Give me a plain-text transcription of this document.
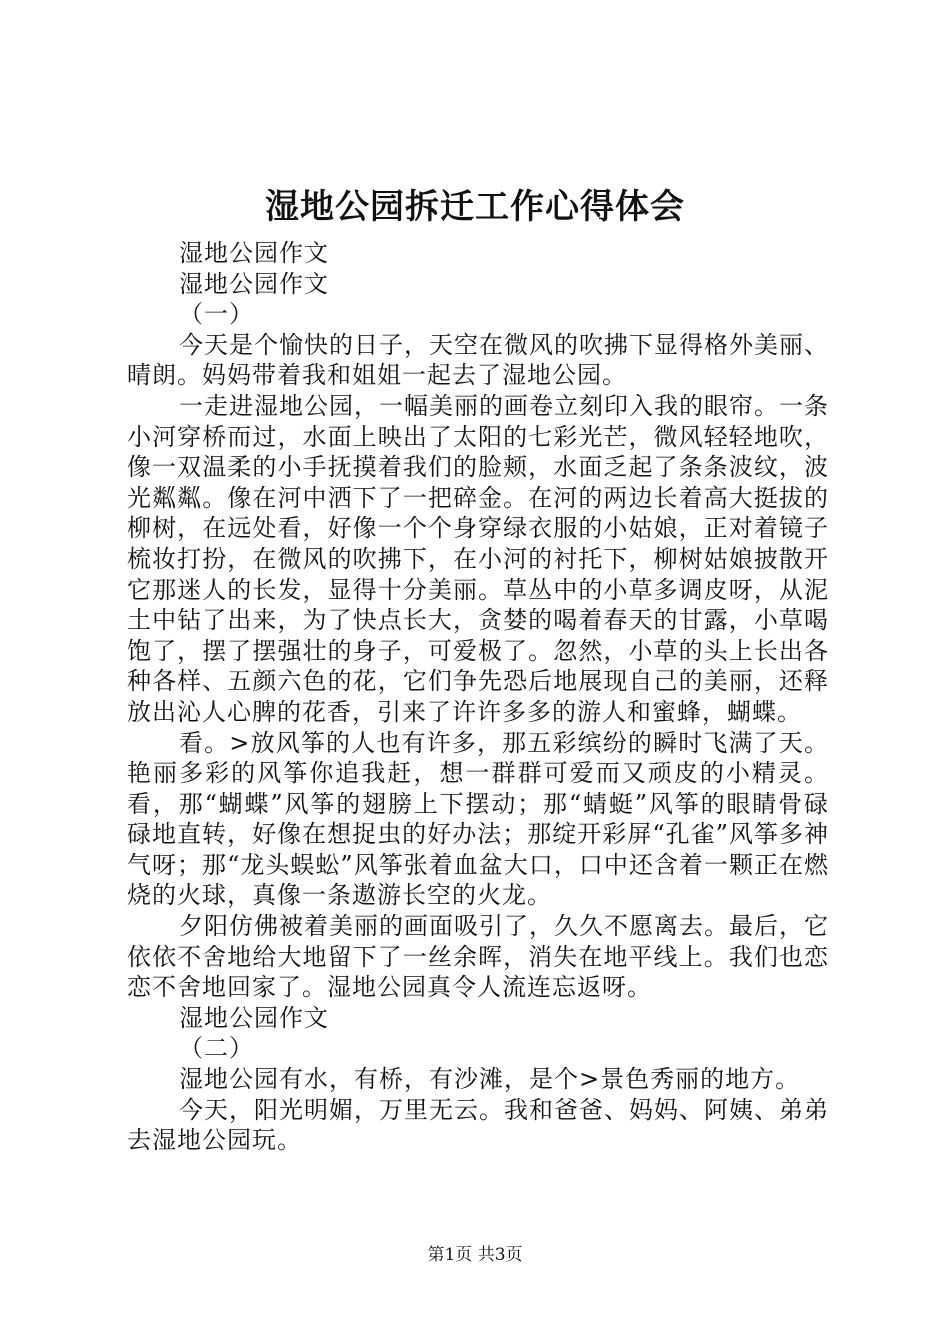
湿地公园拆迁工作心得体会

湿地公园作文

湿地公园作文

（一）

今天是个愉快的日子，天空在微风的吹拂下显得格外美丽、晴朗。妈妈带着我和姐姐一起去了湿地公园。

一走进湿地公园，一幅美丽的画卷立刻印入我的眼帘。一条小河穿桥而过，水面上映出了太阳的七彩光芒，微风轻轻地吹，像一双温柔的小手抚摸着我们的脸颊，水面乏起了条条波纹，波光粼粼。像在河中洒下了一把碎金。在河的两边长着高大挺拔的柳树，在远处看，好像一个个身穿绿衣服的小姑娘，正对着镜子梳妆打扮，在微风的吹拂下，在小河的衬托下，柳树姑娘披散开它那迷人的长发，显得十分美丽。草丛中的小草多调皮呀，从泥土中钻了出来，为了快点长大，贪婪的喝着春天的甘露，小草喝饱了，摆了摆强壮的身子，可爱极了。忽然，小草的头上长出各种各样、五颜六色的花，它们争先恐后地展现自己的美丽，还释放出沁人心脾的花香，引来了许许多多的游人和蜜蜂，蝴蝶。

看。>放风筝的人也有许多，那五彩缤纷的瞬时飞满了天。艳丽多彩的风筝你追我赶，想一群群可爱而又顽皮的小精灵。看，那“蝴蝶”风筝的翅膀上下摆动；那“蜻蜓”风筝的眼睛骨碌碌地直转，好像在想捉虫的好办法；那绽开彩屏“孔雀”风筝多神气呀；那“龙头蜈蚣”风筝张着血盆大口，口中还含着一颗正在燃烧的火球，真像一条遨游长空的火龙。

夕阳仿佛被着美丽的画面吸引了，久久不愿离去。最后，它依依不舍地给大地留下了一丝余晖，消失在地平线上。我们也恋恋不舍地回家了。湿地公园真令人流连忘返呀。

湿地公园作文

（二）

湿地公园有水，有桥，有沙滩，是个>景色秀丽的地方。

今天，阳光明媚，万里无云。我和爸爸、妈妈、阿姨、弟弟去湿地公园玩。

第1页 共3页
